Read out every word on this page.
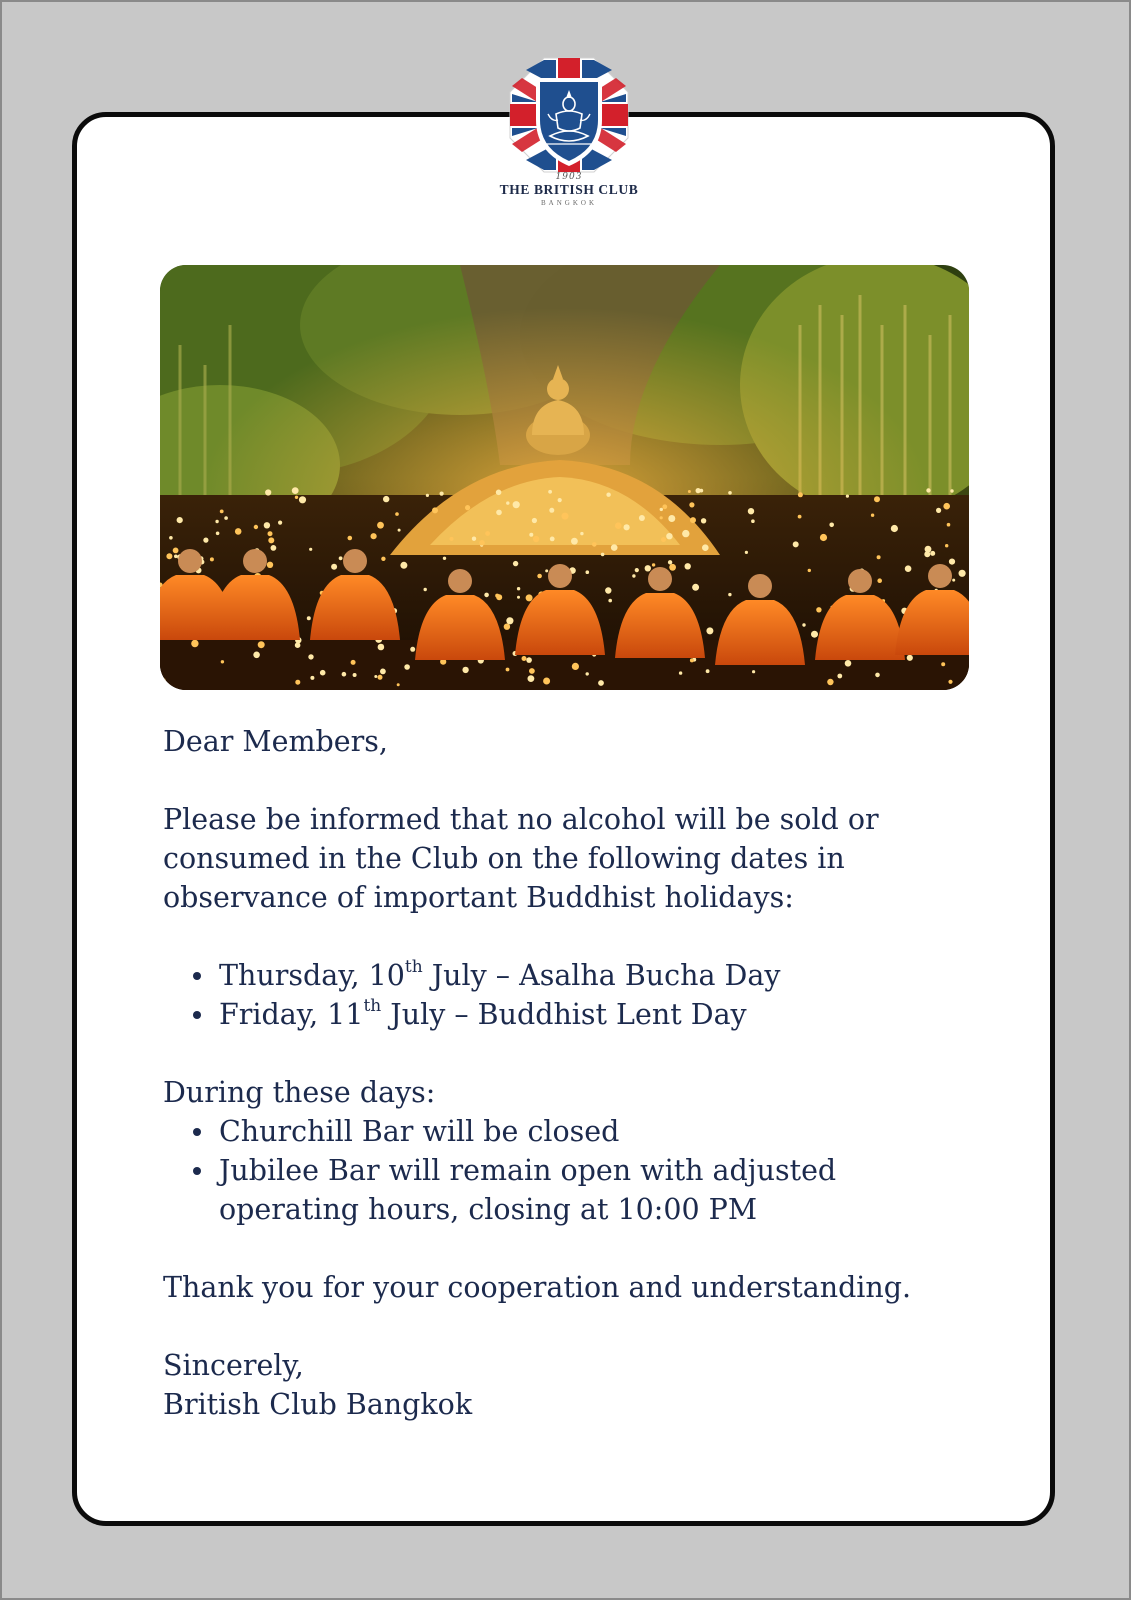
1903
THE BRITISH CLUB
BANGKOK

Dear Members,

Please be informed that no alcohol will be sold or consumed in the Club on the following dates in observance of important Buddhist holidays:

Thursday, 10th July – Asalha Bucha Day
Friday, 11th July – Buddhist Lent Day

During these days:

Churchill Bar will be closed
Jubilee Bar will remain open with adjusted operating hours, closing at 10:00 PM

Thank you for your cooperation and understanding.

Sincerely,

British Club Bangkok
